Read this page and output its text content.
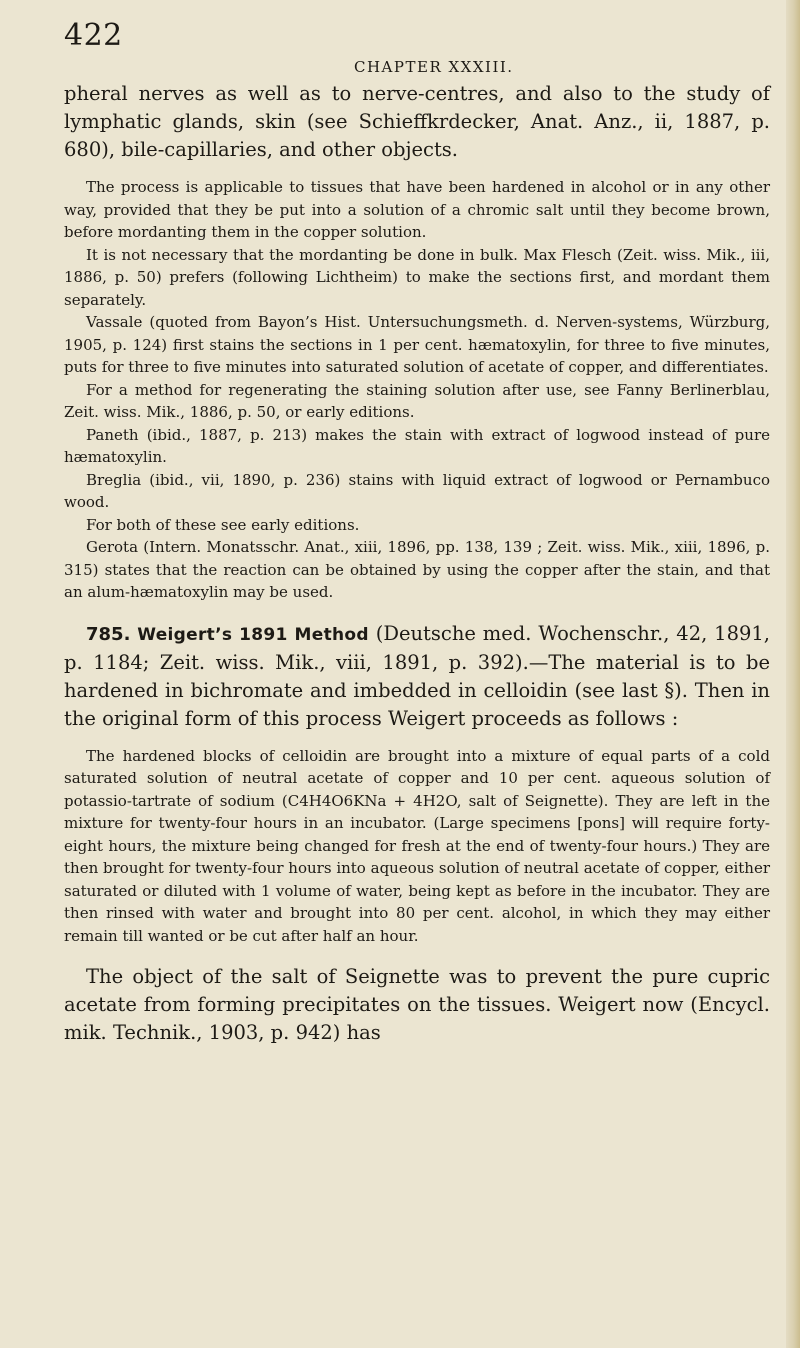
422
CHAPTER XXXIII.

pheral nerves as well as to nerve-centres, and also to the study of lymphatic glands, skin (see Schieffkrdecker, Anat. Anz., ii, 1887, p. 680), bile-capillaries, and other objects.

The process is applicable to tissues that have been hardened in alcohol or in any other way, provided that they be put into a solution of a chromic salt until they become brown, before mordanting them in the copper solution.

It is not necessary that the mordanting be done in bulk. Max Flesch (Zeit. wiss. Mik., iii, 1886, p. 50) prefers (following Lichtheim) to make the sections first, and mordant them separately.

Vassale (quoted from Bayon’s Hist. Untersuchungsmeth. d. Nerven-systems, Würzburg, 1905, p. 124) first stains the sections in 1 per cent. hæmatoxylin, for three to five minutes, puts for three to five minutes into saturated solution of acetate of copper, and differentiates.

For a method for regenerating the staining solution after use, see Fanny Berlinerblau, Zeit. wiss. Mik., 1886, p. 50, or early editions.

Paneth (ibid., 1887, p. 213) makes the stain with extract of logwood instead of pure hæmatoxylin.

Breglia (ibid., vii, 1890, p. 236) stains with liquid extract of logwood or Pernambuco wood.

For both of these see early editions.

Gerota (Intern. Monatsschr. Anat., xiii, 1896, pp. 138, 139 ; Zeit. wiss. Mik., xiii, 1896, p. 315) states that the reaction can be obtained by using the copper after the stain, and that an alum-hæmatoxylin may be used.

785. Weigert’s 1891 Method (Deutsche med. Wochenschr., 42, 1891, p. 1184; Zeit. wiss. Mik., viii, 1891, p. 392).—The material is to be hardened in bichromate and imbedded in celloidin (see last §). Then in the original form of this process Weigert proceeds as follows :

The hardened blocks of celloidin are brought into a mixture of equal parts of a cold saturated solution of neutral acetate of copper and 10 per cent. aqueous solution of potassio-tartrate of sodium (C4H4O6KNa + 4H2O, salt of Seignette). They are left in the mixture for twenty-four hours in an incubator. (Large specimens [pons] will require forty-eight hours, the mixture being changed for fresh at the end of twenty-four hours.) They are then brought for twenty-four hours into aqueous solution of neutral acetate of copper, either saturated or diluted with 1 volume of water, being kept as before in the incubator. They are then rinsed with water and brought into 80 per cent. alcohol, in which they may either remain till wanted or be cut after half an hour.

The object of the salt of Seignette was to prevent the pure cupric acetate from forming precipitates on the tissues. Weigert now (Encycl. mik. Technik., 1903, p. 942) has
